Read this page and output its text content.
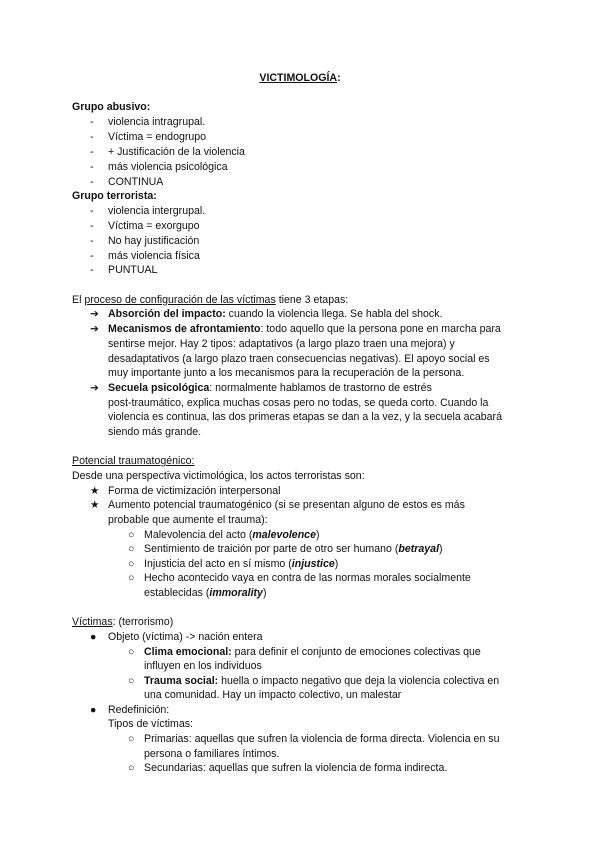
VICTIMOLOGÍA:
Grupo abusivo:
- violencia intragrupal.
- Víctima = endogrupo
- + Justificación de la violencia
- más violencia psicológica
- CONTINUA
Grupo terrorista:
- violencia intergrupal.
- Víctima = exorgupo
- No hay justificación
- más violencia física
- PUNTUAL
El proceso de configuración de las víctimas tiene 3 etapas:
➔ Absorción del impacto: cuando la violencia llega. Se habla del shock.
➔ Mecanismos de afrontamiento: todo aquello que la persona pone en marcha para
sentirse mejor. Hay 2 tipos: adaptativos (a largo plazo traen una mejora) y
desadaptativos (a largo plazo traen consecuencias negativas). El apoyo social es
muy importante junto a los mecanismos para la recuperación de la persona.
➔ Secuela psicológica: normalmente hablamos de trastorno de estrés
post-traumático, explica muchas cosas pero no todas, se queda corto. Cuando la
violencia es continua, las dos primeras etapas se dan a la vez, y la secuela acabará
siendo más grande.
Potencial traumatogénico:
Desde una perspectiva victimológica, los actos terroristas son:
★ Forma de victimización interpersonal
★ Aumento potencial traumatogénico (si se presentan alguno de estos es más
probable que aumente el trauma):
○ Malevolencia del acto (malevolence)
○ Sentimiento de traición por parte de otro ser humano (betrayal)
○ Injusticia del acto en sí mismo (injustice)
○ Hecho acontecido vaya en contra de las normas morales socialmente
establecidas (immorality)
Víctimas: (terrorismo)
● Objeto (víctima) -> nación entera
○ Clima emocional: para definir el conjunto de emociones colectivas que
influyen en los individuos
○ Trauma social: huella o impacto negativo que deja la violencia colectiva en
una comunidad. Hay un impacto colectivo, un malestar
● Redefinición:
Tipos de víctimas:
○ Primarias: aquellas que sufren la violencia de forma directa. Violencia en su
persona o familiares íntimos.
○ Secundarias: aquellas que sufren la violencia de forma indirecta.
